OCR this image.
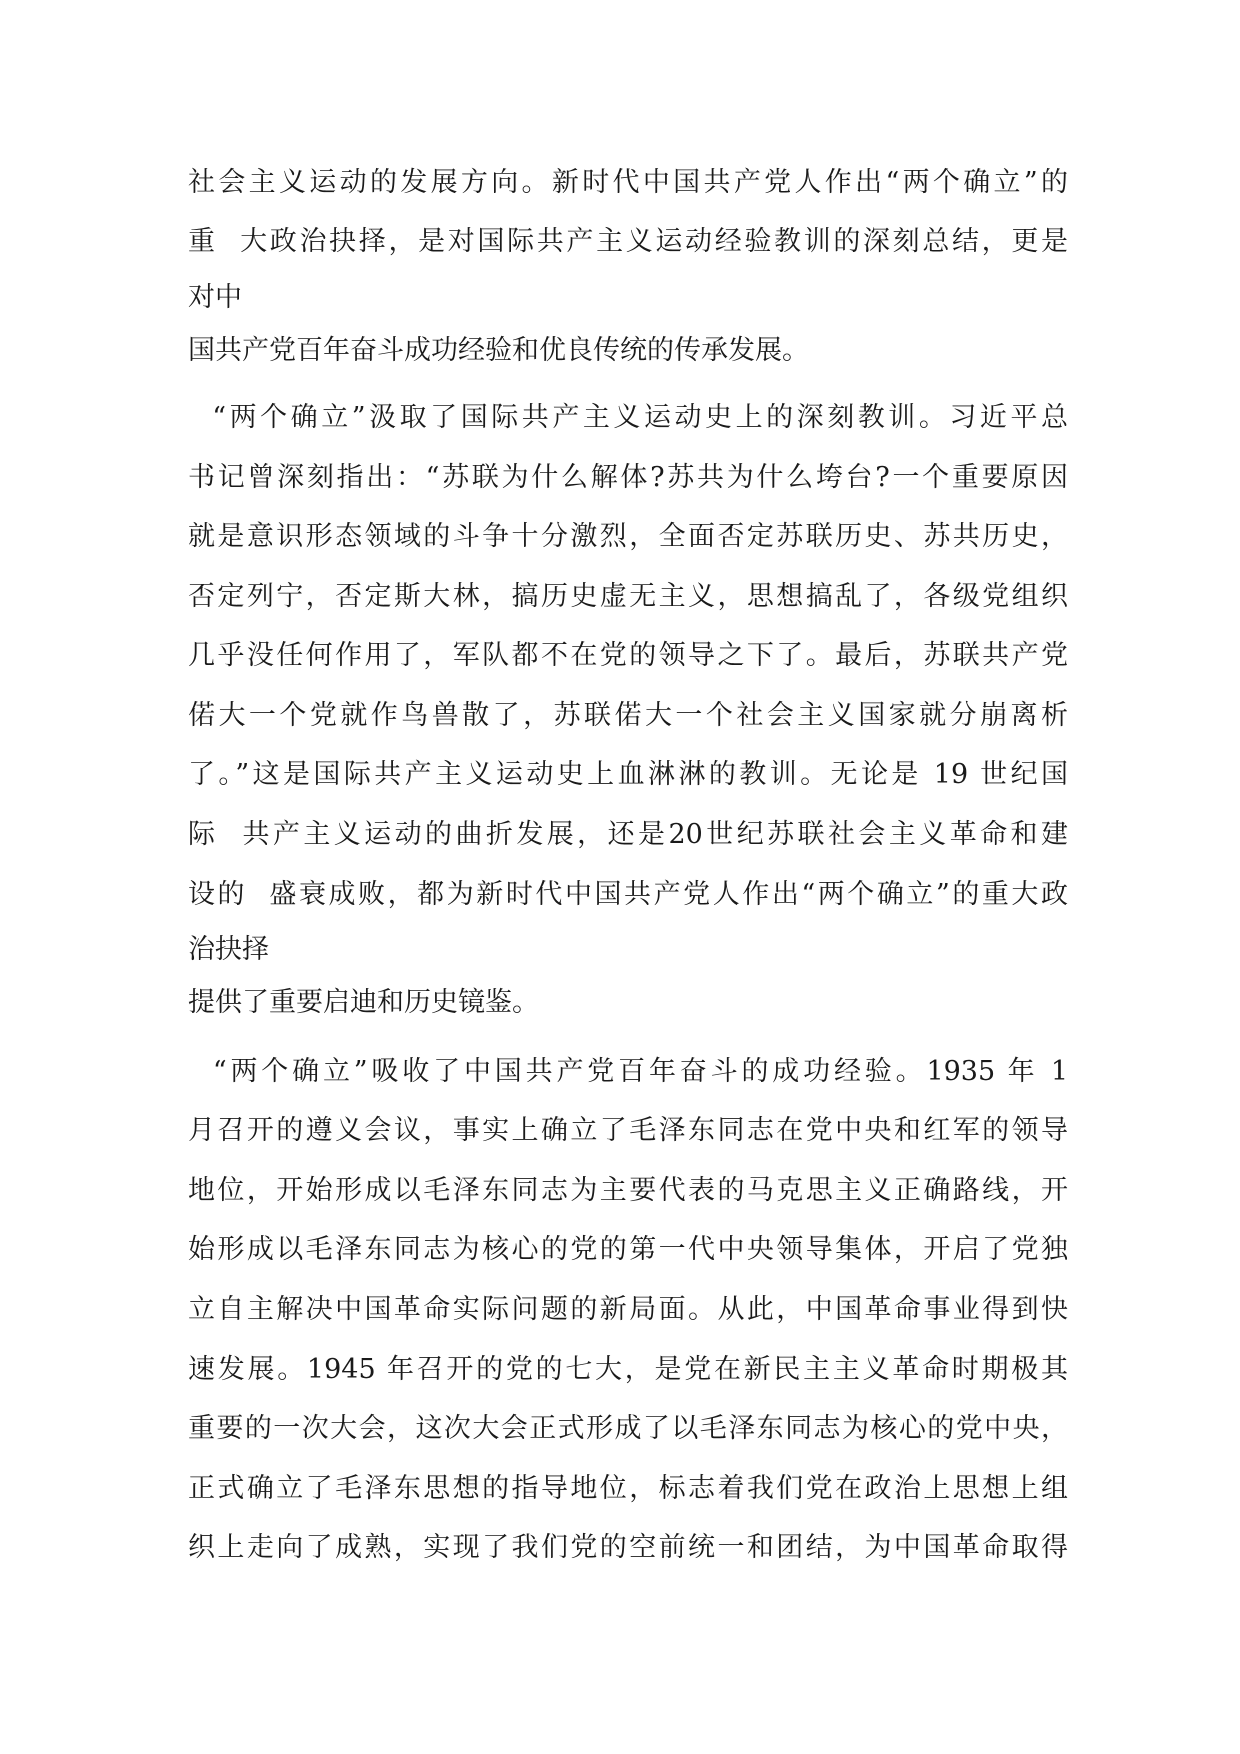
社会主义运动的发展方向。新时代中国共产党人作出“两个确立”的

重  大政治抉择，是对国际共产主义运动经验教训的深刻总结，更是

对中

国共产党百年奋斗成功经验和优良传统的传承发展。

“两个确立”汲取了国际共产主义运动史上的深刻教训。习近平总

书记曾深刻指出：“苏联为什么解体?苏共为什么垮台?一个重要原因

就是意识形态领域的斗争十分激烈，全面否定苏联历史、苏共历史，

否定列宁，否定斯大林，搞历史虚无主义，思想搞乱了，各级党组织

几乎没任何作用了，军队都不在党的领导之下了。最后，苏联共产党

偌大一个党就作鸟兽散了，苏联偌大一个社会主义国家就分崩离析

了。”这是国际共产主义运动史上血淋淋的教训。无论是 19 世纪国

际  共产主义运动的曲折发展，还是20世纪苏联社会主义革命和建

设的  盛衰成败，都为新时代中国共产党人作出“两个确立”的重大政

治抉择

提供了重要启迪和历史镜鉴。

“两个确立”吸收了中国共产党百年奋斗的成功经验。1935 年 1

月召开的遵义会议，事实上确立了毛泽东同志在党中央和红军的领导

地位，开始形成以毛泽东同志为主要代表的马克思主义正确路线，开

始形成以毛泽东同志为核心的党的第一代中央领导集体，开启了党独

立自主解决中国革命实际问题的新局面。从此，中国革命事业得到快

速发展。1945 年召开的党的七大，是党在新民主主义革命时期极其

重要的一次大会，这次大会正式形成了以毛泽东同志为核心的党中央，

正式确立了毛泽东思想的指导地位，标志着我们党在政治上思想上组

织上走向了成熟，实现了我们党的空前统一和团结，为中国革命取得
